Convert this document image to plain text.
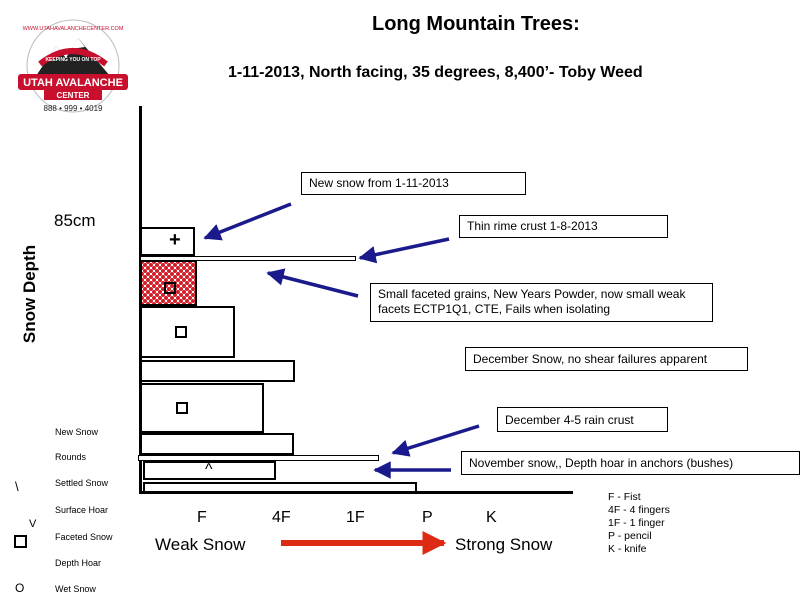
UTAH AVALANCHE
CENTER
888 • 999 • 4019
WWW.UTAHAVALANCHECENTER.COM
KEEPING YOU ON TOP
Long Mountain Trees:
1-11-2013, North facing, 35 degrees, 8,400’- Toby Weed
85cm
Snow Depth
+
^
New snow from 1-11-2013
Thin rime crust 1-8-2013
Small faceted grains, New Years Powder, now small weak facets ECTP1Q1, CTE, Fails when isolating
December Snow, no shear failures apparent
December 4-5 rain crust
November snow,, Depth hoar in anchors (bushes)
New Snow
Rounds
Settled Snow
Surface Hoar
Faceted Snow
Depth Hoar
Wet Snow
\
V
O
F	4F	1F	P	K
Weak Snow	Strong Snow
F - Fist
4F - 4 fingers
1F - 1 finger
P - pencil
K - knife
